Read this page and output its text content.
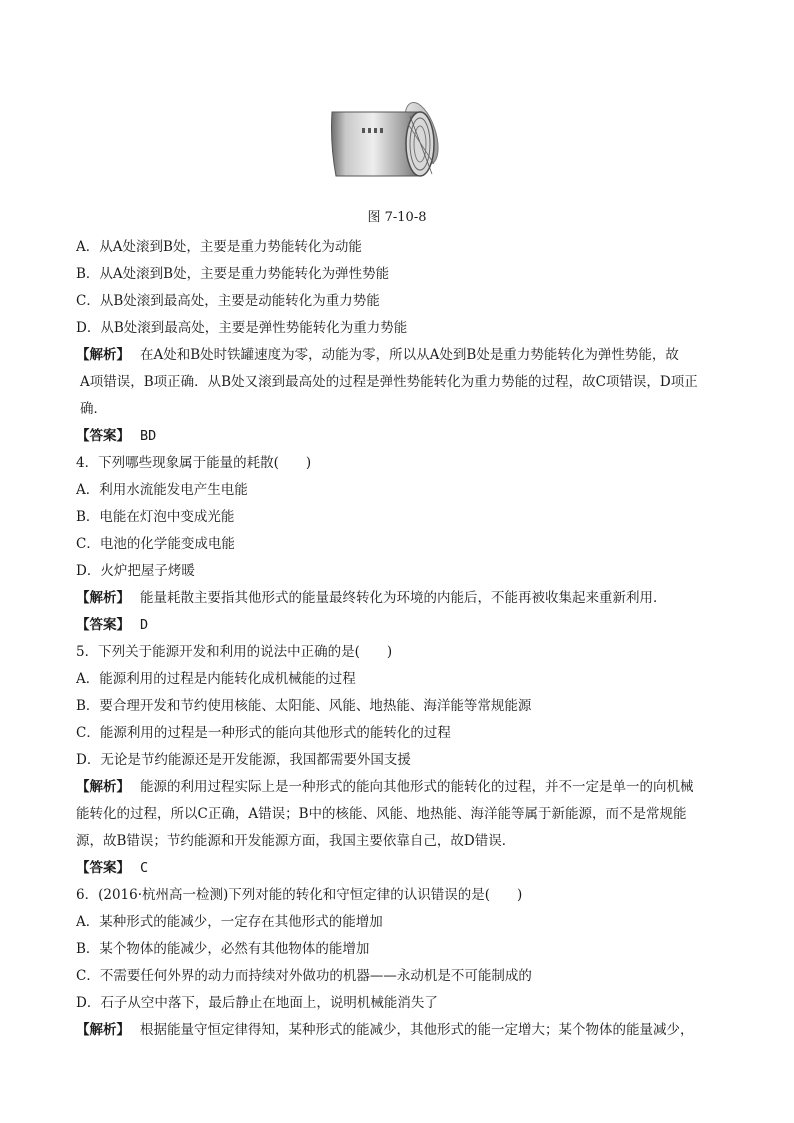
图 7-10-8
A．从A处滚到B处，主要是重力势能转化为动能
B．从A处滚到B处，主要是重力势能转化为弹性势能
C．从B处滚到最高处，主要是动能转化为重力势能
D．从B处滚到最高处，主要是弹性势能转化为重力势能
【解析】 在A处和B处时铁罐速度为零，动能为零，所以从A处到B处是重力势能转化为弹性势能，故
A项错误，B项正确．从B处又滚到最高处的过程是弹性势能转化为重力势能的过程，故C项错误，D项正
确．
【答案】 BD
4．下列哪些现象属于能量的耗散(　　)
A．利用水流能发电产生电能
B．电能在灯泡中变成光能
C．电池的化学能变成电能
D．火炉把屋子烤暖
【解析】 能量耗散主要指其他形式的能量最终转化为环境的内能后，不能再被收集起来重新利用．
【答案】 D
5．下列关于能源开发和利用的说法中正确的是(　　)
A．能源利用的过程是内能转化成机械能的过程
B．要合理开发和节约使用核能、太阳能、风能、地热能、海洋能等常规能源
C．能源利用的过程是一种形式的能向其他形式的能转化的过程
D．无论是节约能源还是开发能源，我国都需要外国支援
【解析】 能源的利用过程实际上是一种形式的能向其他形式的能转化的过程，并不一定是单一的向机械
能转化的过程，所以C正确，A错误；B中的核能、风能、地热能、海洋能等属于新能源，而不是常规能
源，故B错误；节约能源和开发能源方面，我国主要依靠自己，故D错误．
【答案】 C
6．(2016·杭州高一检测)下列对能的转化和守恒定律的认识错误的是(　　)
A．某种形式的能减少，一定存在其他形式的能增加
B．某个物体的能减少，必然有其他物体的能增加
C．不需要任何外界的动力而持续对外做功的机器——永动机是不可能制成的
D．石子从空中落下，最后静止在地面上，说明机械能消失了
【解析】 根据能量守恒定律得知，某种形式的能减少，其他形式的能一定增大；某个物体的能量减少，
